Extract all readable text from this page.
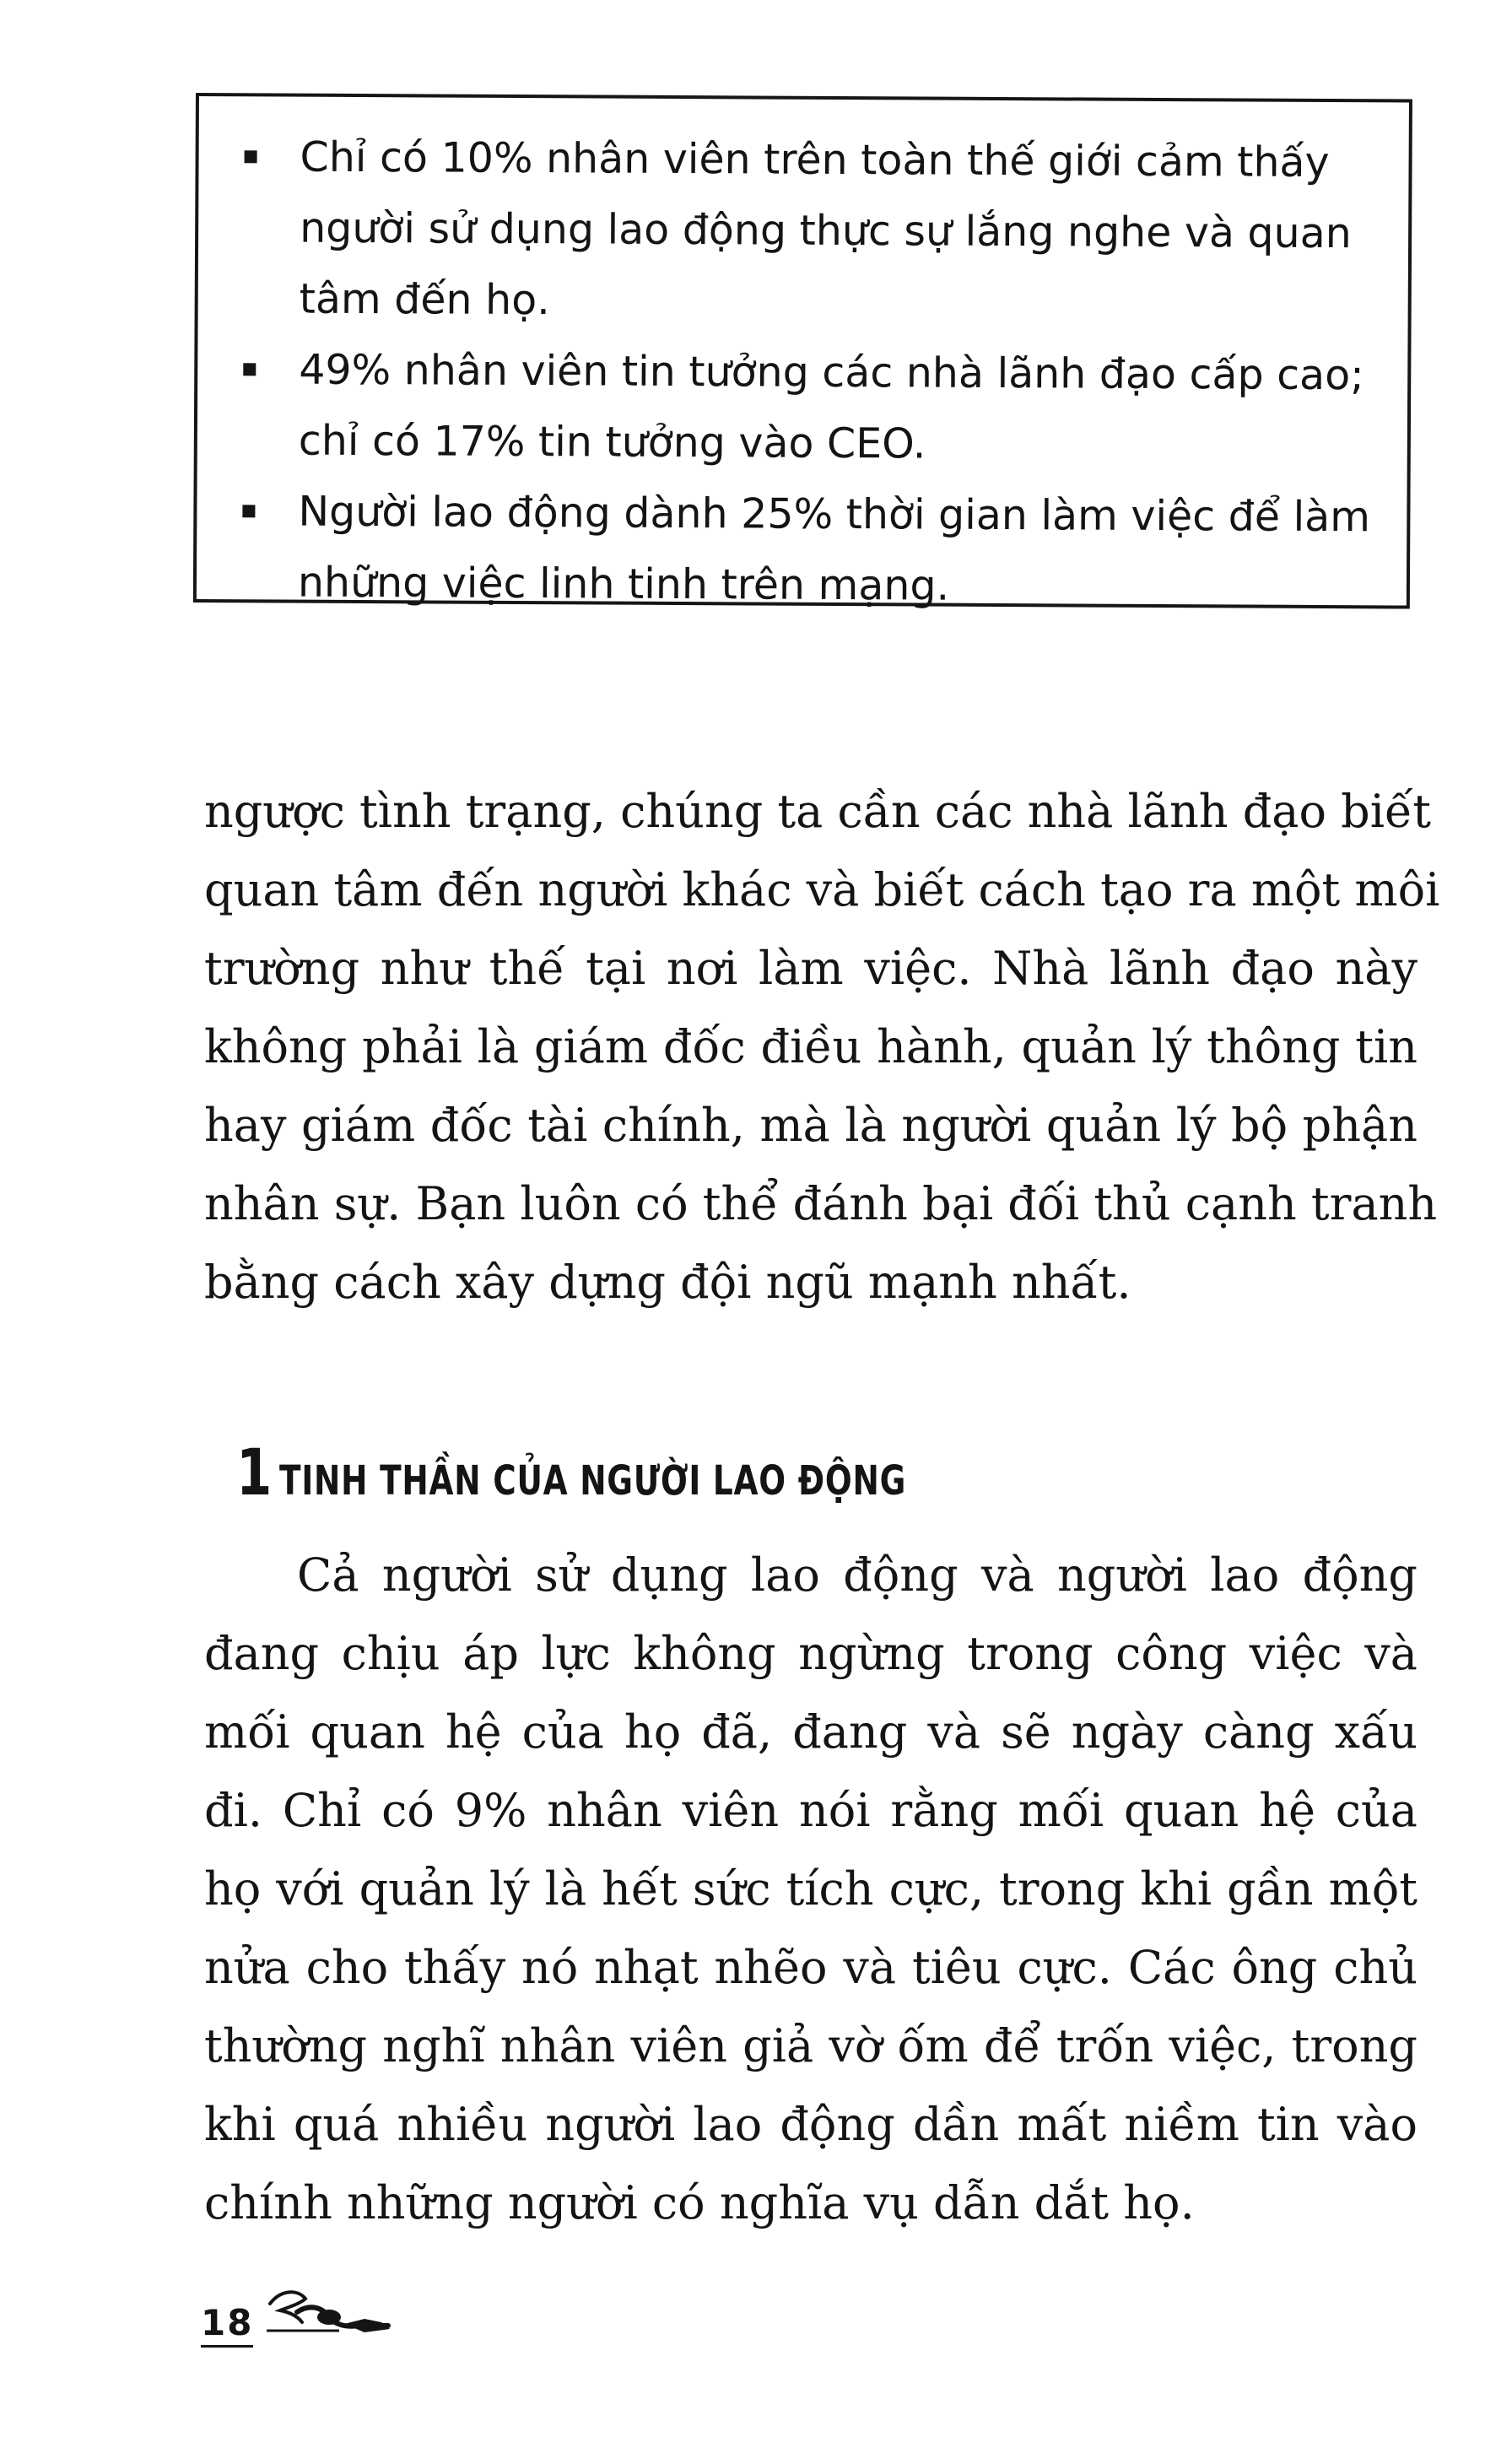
Chỉ có 10% nhân viên trên toàn thế giới cảm thấy
người sử dụng lao động thực sự lắng nghe và quan
tâm đến họ.
49% nhân viên tin tưởng các nhà lãnh đạo cấp cao;
chỉ có 17% tin tưởng vào CEO.
Người lao động dành 25% thời gian làm việc để làm
những việc linh tinh trên mạng.
ngược tình trạng, chúng ta cần các nhà lãnh đạo biết
quan tâm đến người khác và biết cách tạo ra một môi
trường như thế tại nơi làm việc. Nhà lãnh đạo này
không phải là giám đốc điều hành, quản lý thông tin
hay giám đốc tài chính, mà là người quản lý bộ phận
nhân sự. Bạn luôn có thể đánh bại đối thủ cạnh tranh
bằng cách xây dựng đội ngũ mạnh nhất.
1 TINH THẦN CỦA NGƯỜI LAO ĐỘNG
Cả người sử dụng lao động và người lao động
đang chịu áp lực không ngừng trong công việc và
mối quan hệ của họ đã, đang và sẽ ngày càng xấu
đi. Chỉ có 9% nhân viên nói rằng mối quan hệ của
họ với quản lý là hết sức tích cực, trong khi gần một
nửa cho thấy nó nhạt nhẽo và tiêu cực. Các ông chủ
thường nghĩ nhân viên giả vờ ốm để trốn việc, trong
khi quá nhiều người lao động dần mất niềm tin vào
chính những người có nghĩa vụ dẫn dắt họ.
18
